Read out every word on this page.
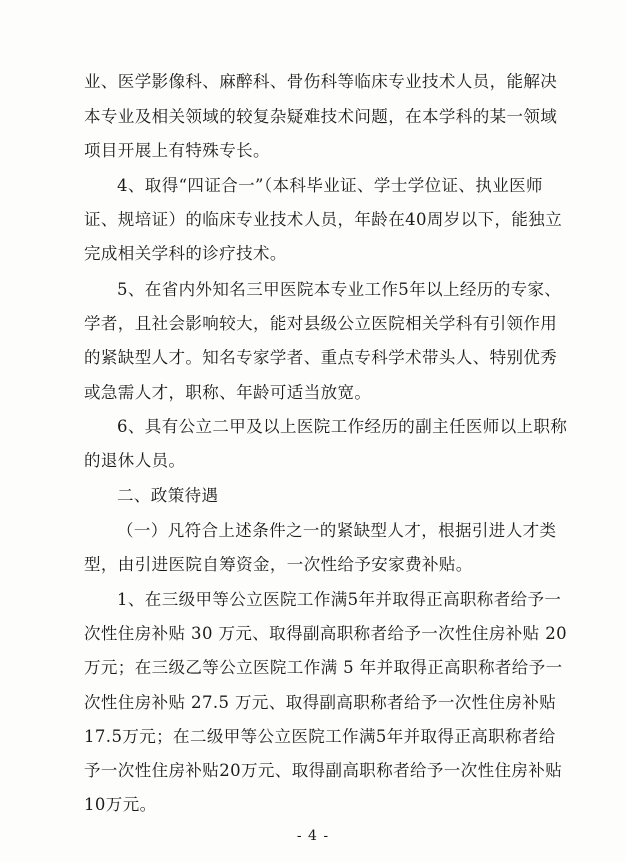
业、医学影像科、麻醉科、骨伤科等临床专业技术人员，能解决
本专业及相关领域的较复杂疑难技术问题，在本学科的某一领域
项目开展上有特殊专长。
4、取得“四证合一”（本科毕业证、学士学位证、执业医师
证、规培证）的临床专业技术人员，年龄在40周岁以下，能独立
完成相关学科的诊疗技术。
5、在省内外知名三甲医院本专业工作5年以上经历的专家、
学者，且社会影响较大，能对县级公立医院相关学科有引领作用
的紧缺型人才。知名专家学者、重点专科学术带头人、特别优秀
或急需人才，职称、年龄可适当放宽。
6、具有公立二甲及以上医院工作经历的副主任医师以上职称
的退休人员。
二、政策待遇
（一）凡符合上述条件之一的紧缺型人才，根据引进人才类
型，由引进医院自筹资金，一次性给予安家费补贴。
1、在三级甲等公立医院工作满5年并取得正高职称者给予一
次性住房补贴 30 万元、取得副高职称者给予一次性住房补贴 20
万元；在三级乙等公立医院工作满 5 年并取得正高职称者给予一
次性住房补贴 27.5 万元、取得副高职称者给予一次性住房补贴
17.5万元；在二级甲等公立医院工作满5年并取得正高职称者给
予一次性住房补贴20万元、取得副高职称者给予一次性住房补贴
10万元。
- 4 -
